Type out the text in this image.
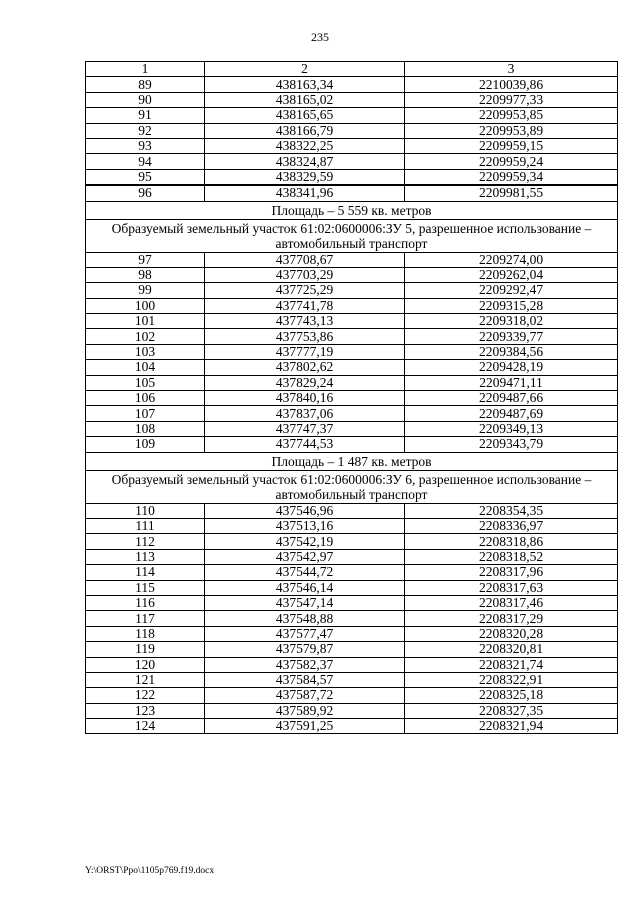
235
1	2	3
89	438163,34	2210039,86
90	438165,02	2209977,33
91	438165,65	2209953,85
92	438166,79	2209953,89
93	438322,25	2209959,15
94	438324,87	2209959,24
95	438329,59	2209959,34
96	438341,96	2209981,55
Площадь – 5 559 кв. метров		
Образуемый земельный участок 61:02:0600006:ЗУ 5, разрешенное использование – автомобильный транспорт		
97	437708,67	2209274,00
98	437703,29	2209262,04
99	437725,29	2209292,47
100	437741,78	2209315,28
101	437743,13	2209318,02
102	437753,86	2209339,77
103	437777,19	2209384,56
104	437802,62	2209428,19
105	437829,24	2209471,11
106	437840,16	2209487,66
107	437837,06	2209487,69
108	437747,37	2209349,13
109	437744,53	2209343,79
Площадь – 1 487 кв. метров		
Образуемый земельный участок 61:02:0600006:ЗУ 6, разрешенное использование – автомобильный транспорт		
110	437546,96	2208354,35
111	437513,16	2208336,97
112	437542,19	2208318,86
113	437542,97	2208318,52
114	437544,72	2208317,96
115	437546,14	2208317,63
116	437547,14	2208317,46
117	437548,88	2208317,29
118	437577,47	2208320,28
119	437579,87	2208320,81
120	437582,37	2208321,74
121	437584,57	2208322,91
122	437587,72	2208325,18
123	437589,92	2208327,35
124	437591,25	2208321,94
Y:\ORST\Ppo\1105p769.f19.docx
